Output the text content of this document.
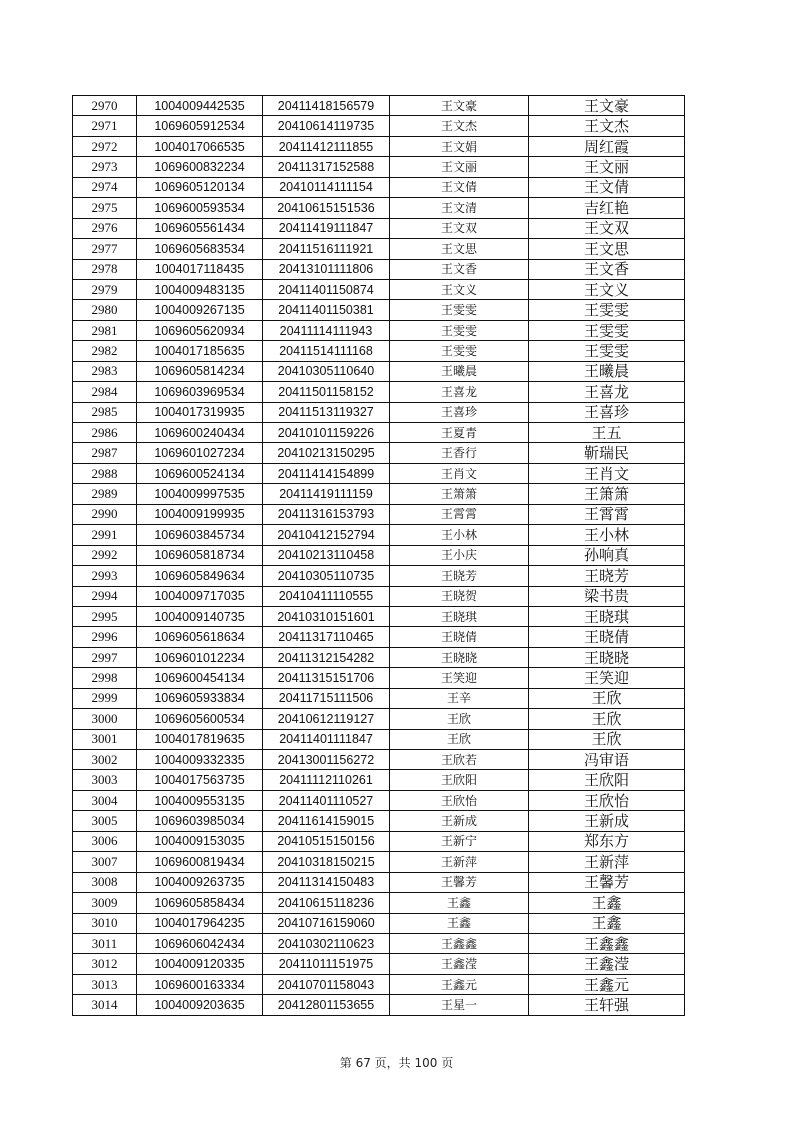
2970	1004009442535	20411418156579	王文豪	王文豪
2971	1069605912534	20410614119735	王文杰	王文杰
2972	1004017066535	20411412111855	王文娟	周红霞
2973	1069600832234	20411317152588	王文丽	王文丽
2974	1069605120134	20410114111154	王文倩	王文倩
2975	1069600593534	20410615151536	王文清	吉红艳
2976	1069605561434	20411419111847	王文双	王文双
2977	1069605683534	20411516111921	王文思	王文思
2978	1004017118435	20413101111806	王文香	王文香
2979	1004009483135	20411401150874	王文义	王文义
2980	1004009267135	20411401150381	王雯雯	王雯雯
2981	1069605620934	20411114111943	王雯雯	王雯雯
2982	1004017185635	20411514111168	王雯雯	王雯雯
2983	1069605814234	20410305110640	王曦晨	王曦晨
2984	1069603969534	20411501158152	王喜龙	王喜龙
2985	1004017319935	20411513119327	王喜珍	王喜珍
2986	1069600240434	20410101159226	王夏青	王五
2987	1069601027234	20410213150295	王香行	靳瑞民
2988	1069600524134	20411414154899	王肖文	王肖文
2989	1004009997535	20411419111159	王箫箫	王箫箫
2990	1004009199935	20411316153793	王霄霄	王霄霄
2991	1069603845734	20410412152794	王小林	王小林
2992	1069605818734	20410213110458	王小庆	孙响真
2993	1069605849634	20410305110735	王晓芳	王晓芳
2994	1004009717035	20410411110555	王晓贺	梁书贵
2995	1004009140735	20410310151601	王晓琪	王晓琪
2996	1069605618634	20411317110465	王晓倩	王晓倩
2997	1069601012234	20411312154282	王晓晓	王晓晓
2998	1069600454134	20411315151706	王笑迎	王笑迎
2999	1069605933834	20411715111506	王辛	王欣
3000	1069605600534	20410612119127	王欣	王欣
3001	1004017819635	20411401111847	王欣	王欣
3002	1004009332335	20413001156272	王欣若	冯审语
3003	1004017563735	20411112110261	王欣阳	王欣阳
3004	1004009553135	20411401110527	王欣怡	王欣怡
3005	1069603985034	20411614159015	王新成	王新成
3006	1004009153035	20410515150156	王新宁	郑东方
3007	1069600819434	20410318150215	王新萍	王新萍
3008	1004009263735	20411314150483	王馨芳	王馨芳
3009	1069605858434	20410615118236	王鑫	王鑫
3010	1004017964235	20410716159060	王鑫	王鑫
3011	1069606042434	20410302110623	王鑫鑫	王鑫鑫
3012	1004009120335	20411011151975	王鑫滢	王鑫滢
3013	1069600163334	20410701158043	王鑫元	王鑫元
3014	1004009203635	20412801153655	王星一	王轩强
第 67 页，共 100 页
